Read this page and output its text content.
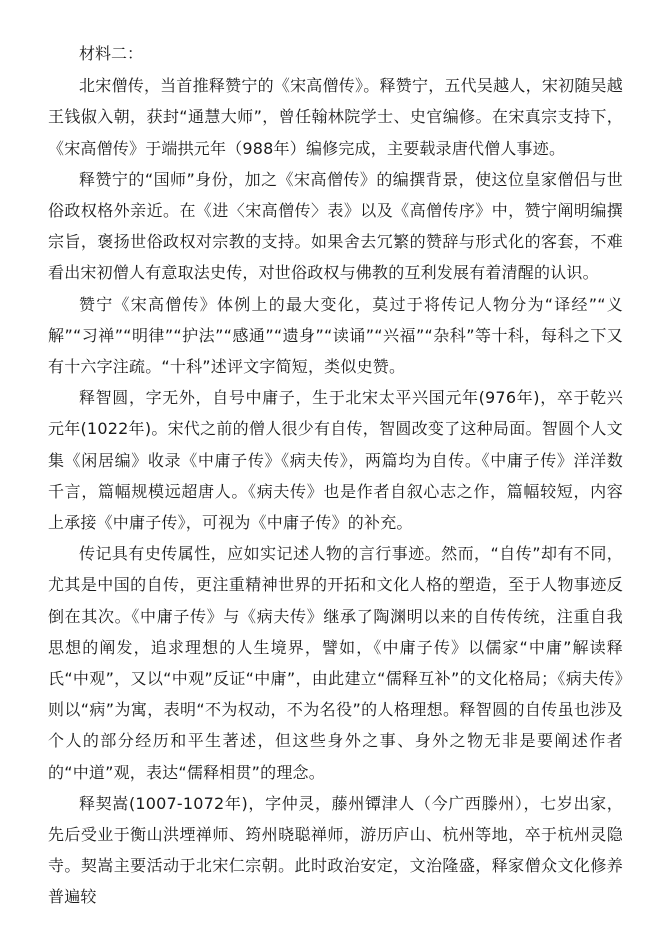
材料二：

北宋僧传，当首推释赞宁的《宋高僧传》。释赞宁，五代吴越人，宋初随吴越王钱俶入朝，获封“通慧大师”，曾任翰林院学士、史官编修。在宋真宗支持下，《宋高僧传》于端拱元年（988年）编修完成，主要载录唐代僧人事迹。

释赞宁的“国师”身份，加之《宋高僧传》的编撰背景，使这位皇家僧侣与世俗政权格外亲近。在《进〈宋高僧传〉表》以及《高僧传序》中，赞宁阐明编撰宗旨，褒扬世俗政权对宗教的支持。如果舍去冗繁的赞辞与形式化的客套，不难看出宋初僧人有意取法史传，对世俗政权与佛教的互利发展有着清醒的认识。

赞宁《宋高僧传》体例上的最大变化，莫过于将传记人物分为“译经”“义解”“习禅”“明律”“护法”“感通”“遗身”“读诵”“兴福”“杂科”等十科，每科之下又有十六字注疏。“十科”述评文字简短，类似史赞。

释智圆，字无外，自号中庸子，生于北宋太平兴国元年(976年)，卒于乾兴元年(1022年)。宋代之前的僧人很少有自传，智圆改变了这种局面。智圆个人文集《闲居编》收录《中庸子传》《病夫传》，两篇均为自传。《中庸子传》洋洋数千言，篇幅规模远超唐人。《病夫传》也是作者自叙心志之作，篇幅较短，内容上承接《中庸子传》，可视为《中庸子传》的补充。

传记具有史传属性，应如实记述人物的言行事迹。然而，“自传”却有不同，尤其是中国的自传，更注重精神世界的开拓和文化人格的塑造，至于人物事迹反倒在其次。《中庸子传》与《病夫传》继承了陶渊明以来的自传传统，注重自我思想的阐发，追求理想的人生境界，譬如，《中庸子传》以儒家“中庸”解读释氏“中观”，又以“中观”反证“中庸”，由此建立“儒释互补”的文化格局；《病夫传》则以“病”为寓，表明“不为权动，不为名役”的人格理想。释智圆的自传虽也涉及个人的部分经历和平生著述，但这些身外之事、身外之物无非是要阐述作者的“中道”观，表达“儒释相贯”的理念。

释契嵩(1007-1072年)，字仲灵，藤州镡津人（今广西滕州），七岁出家，先后受业于衡山洪堙禅师、筠州晓聪禅师，游历庐山、杭州等地，卒于杭州灵隐寺。契嵩主要活动于北宋仁宗朝。此时政治安定，文治隆盛，释家僧众文化修养普遍较
